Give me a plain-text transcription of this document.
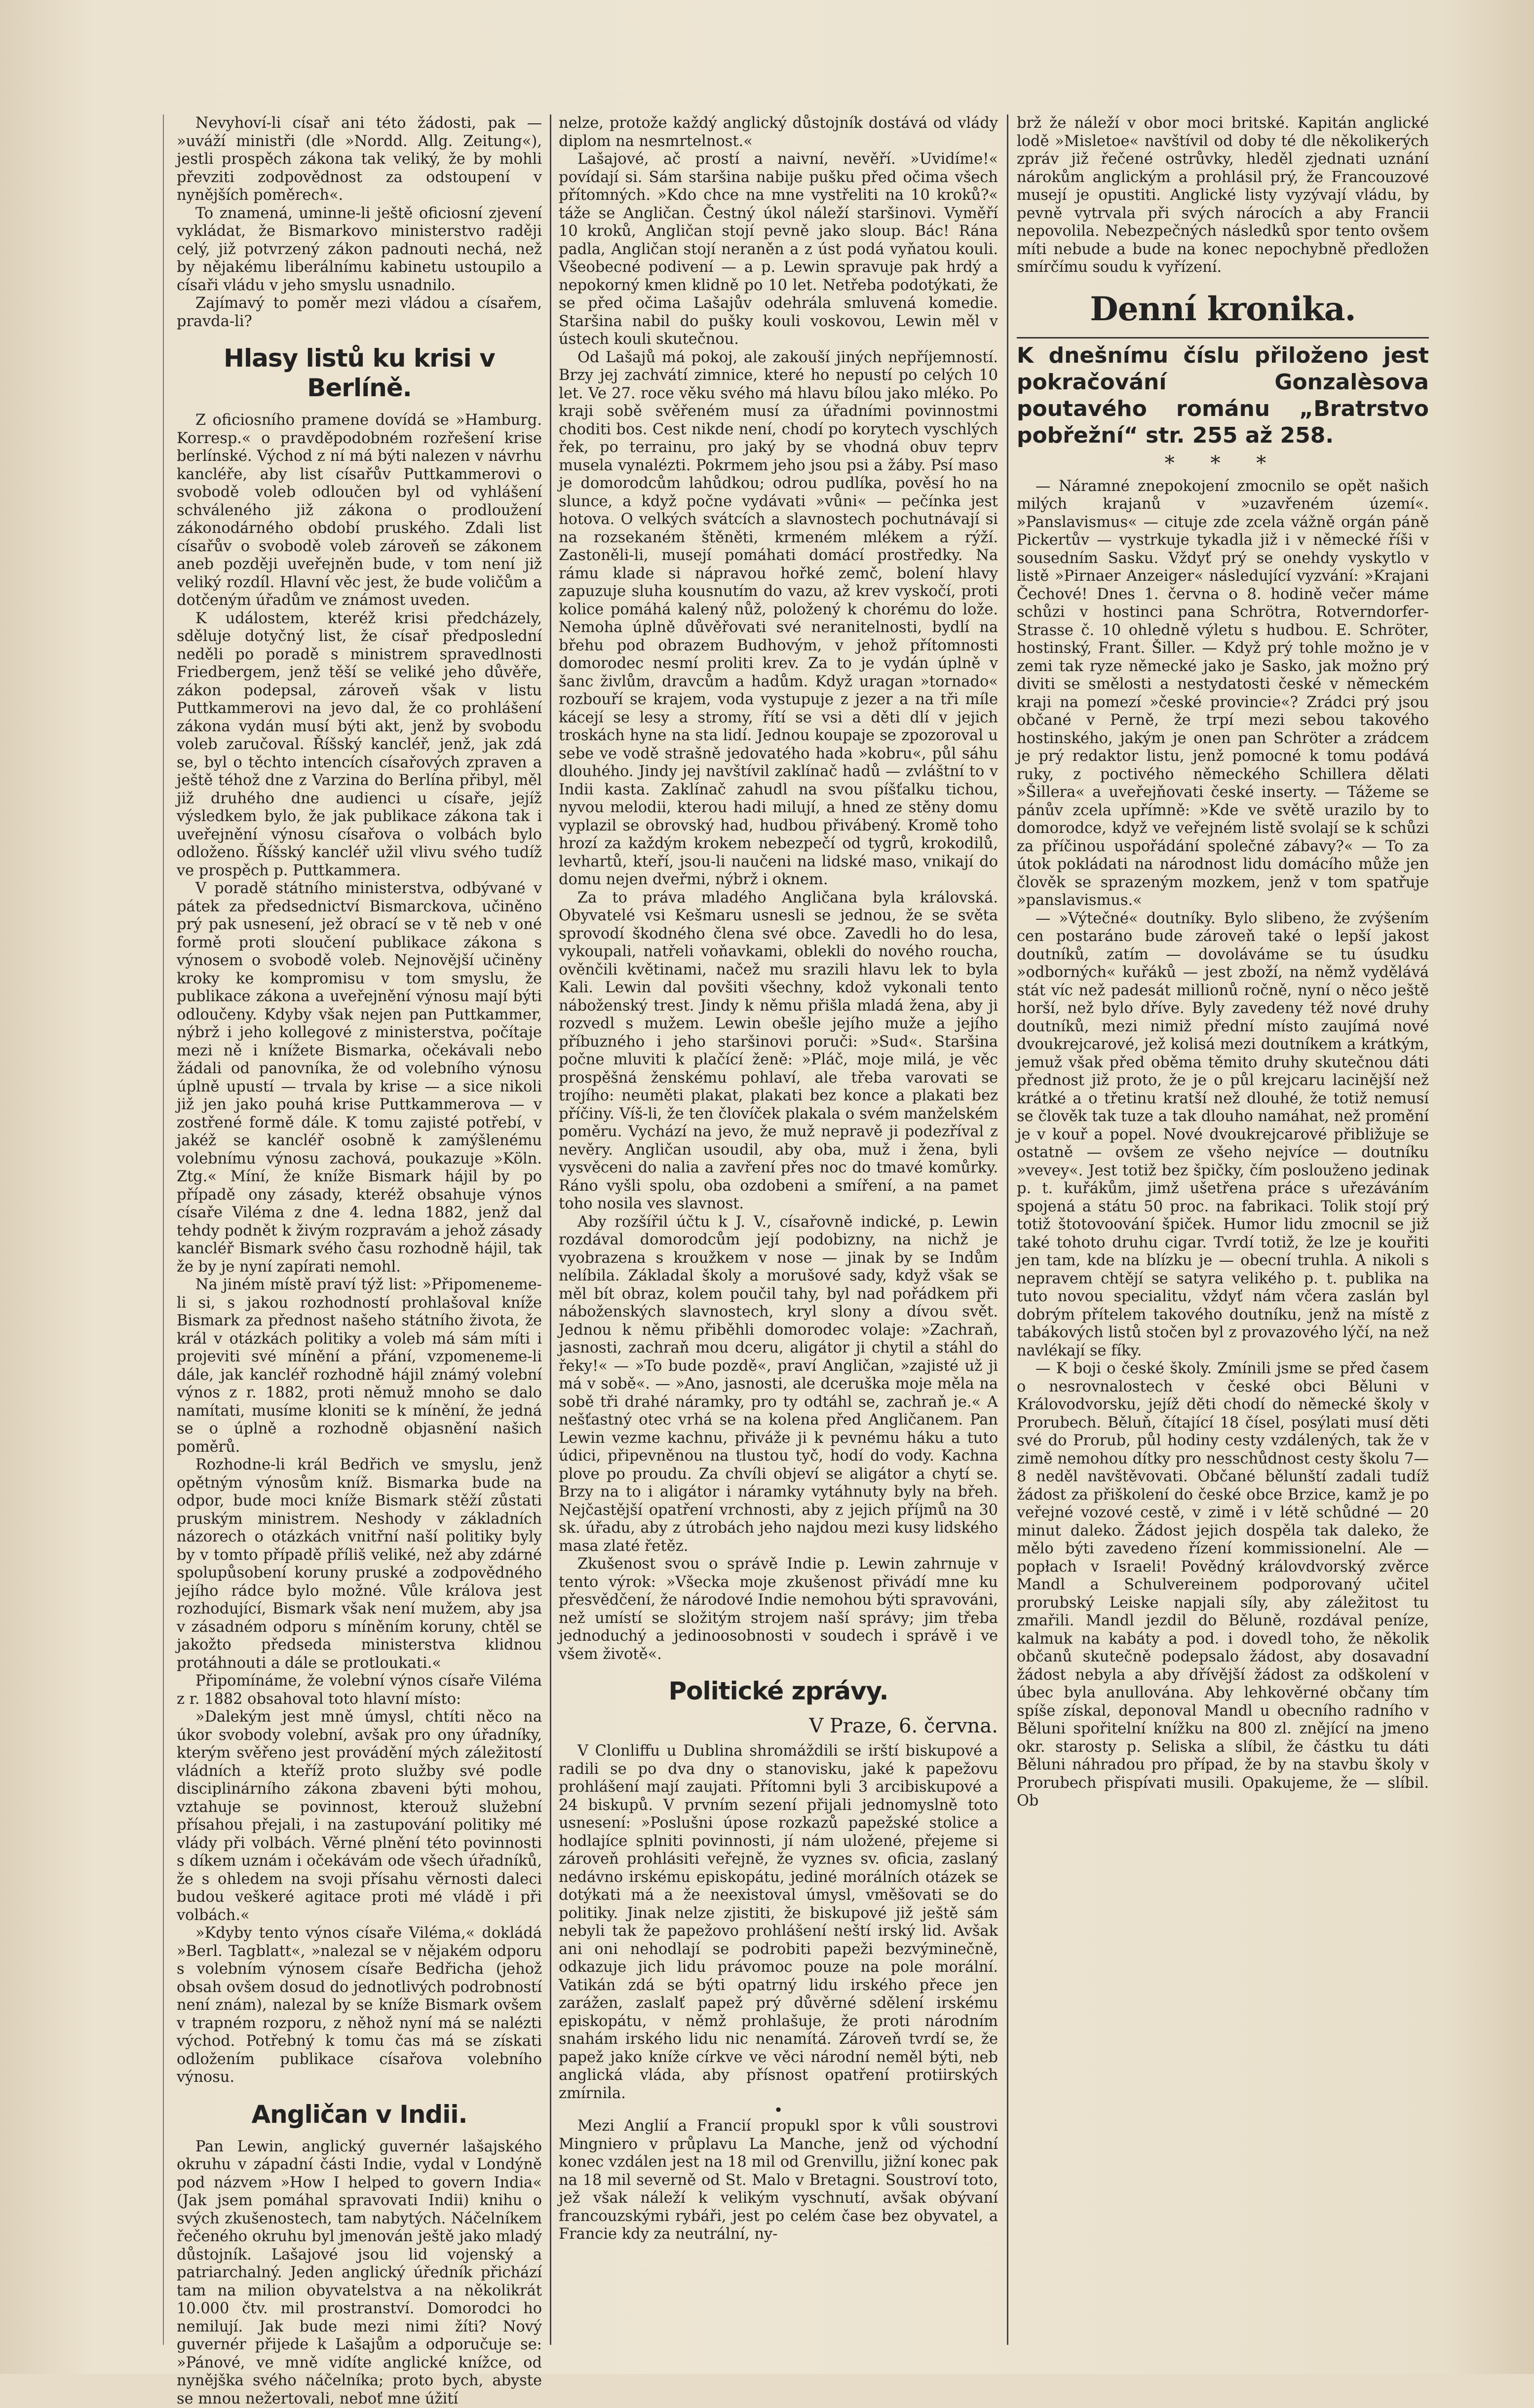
Nevyhoví-li císař ani této žádosti, pak — »uváží ministři (dle »Nordd. Allg. Zeitung«), jestli prospěch zákona tak veliký, že by mohli převziti zodpovědnost za odstoupení v nynějších poměrech«.

To znamená, uminne-li ještě oficiosní zjevení vykládat, že Bismarkovo ministerstvo raději celý, již potvrzený zákon padnouti nechá, než by nějakému liberálnímu kabinetu ustoupilo a císaři vládu v jeho smyslu usnadnilo.

Zajímavý to poměr mezi vládou a císařem, pravda-li?

Hlasy listů ku krisi v Berlíně.

Z oficiosního pramene dovídá se »Hamburg. Korresp.« o pravděpodobném rozřešení krise berlínské. Východ z ní má býti nalezen v návrhu kancléře, aby list císařův Puttkammerovi o svobodě voleb odloučen byl od vyhlášení schváleného již zákona o prodloužení zákonodárného období pruského. Zdali list císařův o svobodě voleb zároveň se zákonem aneb později uveřejněn bude, v tom není již veliký rozdíl. Hlavní věc jest, že bude voličům a dotčeným úřadům ve známost uveden.

K událostem, kteréž krisi předcházely, sděluje dotyčný list, že císař předposlední neděli po poradě s ministrem spravedlnosti Friedbergem, jenž těší se veliké jeho důvěře, zákon podepsal, zároveň však v listu Puttkammerovi na jevo dal, že co prohlášení zákona vydán musí býti akt, jenž by svobodu voleb zaručoval. Říšský kancléř, jenž, jak zdá se, byl o těchto intencích císařových zpraven a ještě téhož dne z Varzina do Berlína přibyl, měl již druhého dne audienci u císaře, jejíž výsledkem bylo, že jak publikace zákona tak i uveřejnění výnosu císařova o volbách bylo odloženo. Říšský kancléř užil vlivu svého tudíž ve prospěch p. Puttkammera.

V poradě státního ministerstva, odbývané v pátek za předsednictví Bismarckova, učiněno prý pak usnesení, jež obrací se v tě neb v oné formě proti sloučení publikace zákona s výnosem o svobodě voleb. Nejnovější učiněny kroky ke kompromisu v tom smyslu, že publikace zákona a uveřejnění výnosu mají býti odloučeny. Kdyby však nejen pan Puttkammer, nýbrž i jeho kollegové z ministerstva, počítaje mezi ně i knížete Bismarka, očekávali nebo žádali od panovníka, že od volebního výnosu úplně upustí — trvala by krise — a sice nikoli již jen jako pouhá krise Puttkammerova — v zostřené formě dále. K tomu zajisté potřebí, v jakéž se kancléř osobně k zamýšlenému volebnímu výnosu zachová, poukazuje »Köln. Ztg.« Míní, že kníže Bismark hájil by po případě ony zásady, kteréž obsahuje výnos císaře Viléma z dne 4. ledna 1882, jenž dal tehdy podnět k živým rozpravám a jehož zásady kancléř Bismark svého času rozhodně hájil, tak že by je nyní zapírati nemohl.

Na jiném místě praví týž list: »Připomeneme-li si, s jakou rozhodností prohlašoval kníže Bismark za přednost našeho státního života, že král v otázkách politiky a voleb má sám míti i projeviti své mínění a přání, vzpomeneme-li dále, jak kancléř rozhodně hájil známý volební výnos z r. 1882, proti němuž mnoho se dalo namítati, musíme kloniti se k mínění, že jedná se o úplně a rozhodně objasnění našich poměrů.

Rozhodne-li král Bedřich ve smyslu, jenž opětným výnosům kníž. Bismarka bude na odpor, bude moci kníže Bismark stěží zůstati pruským ministrem. Neshody v základních názorech o otázkách vnitřní naší politiky byly by v tomto případě příliš veliké, než aby zdárné spolupůsobení koruny pruské a zodpovědného jejího rádce bylo možné. Vůle králova jest rozhodující, Bismark však není mužem, aby jsa v zásadném odporu s míněním koruny, chtěl se jakožto předseda ministerstva klidnou protáhnouti a dále se protloukati.«

Připomínáme, že volební výnos císaře Viléma z r. 1882 obsahoval toto hlavní místo:

»Dalekým jest mně úmysl, chtíti něco na úkor svobody volební, avšak pro ony úřadníky, kterým svěřeno jest provádění mých záležitostí vládních a kteříž proto služby své podle disciplinárního zákona zbaveni býti mohou, vztahuje se povinnost, kterouž služební přísahou přejali, i na zastupování politiky mé vlády při volbách. Věrné plnění této povinnosti s díkem uznám i očekávám ode všech úřadníků, že s ohledem na svoji přísahu věrnosti daleci budou veškeré agitace proti mé vládě i při volbách.«

»Kdyby tento výnos císaře Viléma,« dokládá »Berl. Tagblatt«, »nalezal se v nějakém odporu s volebním výnosem císaře Bedřicha (jehož obsah ovšem dosud do jednotlivých podrobností není znám), nalezal by se kníže Bismark ovšem v trapném rozporu, z něhož nyní má se nalézti východ. Potřebný k tomu čas má se získati odložením publikace císařova volebního výnosu.

Angličan v Indii.

Pan Lewin, anglický guvernér lašajského okruhu v západní části Indie, vydal v Londýně pod názvem »How I helped to govern India« (Jak jsem pomáhal spravovati Indii) knihu o svých zkušenostech, tam nabytých. Náčelníkem řečeného okruhu byl jmenován ještě jako mladý důstojník. Lašajové jsou lid vojenský a patriarchalný. Jeden anglický úředník přichází tam na milion obyvatelstva a na několikrát 10.000 čtv. mil prostranství. Domorodci ho nemilují. Jak bude mezi nimi žíti? Nový guvernér přijede k Lašajům a odporučuje se: »Pánové, ve mně vidíte anglické knížce, od nynějška svého náčelníka; proto bych, abyste se mnou nežertovali, neboť mne úžití

nelze, protože každý anglický důstojník dostává od vlády diplom na nesmrtelnost.«

Lašajové, ač prostí a naivní, nevěří. »Uvidíme!« povídají si. Sám staršina nabije pušku před očima všech přítomných. »Kdo chce na mne vystřeliti na 10 kroků?« táže se Angličan. Čestný úkol náleží staršinovi. Vyměří 10 kroků, Angličan stojí pevně jako sloup. Bác! Rána padla, Angličan stojí neraněn a z úst podá vyňatou kouli. Všeobecné podivení — a p. Lewin spravuje pak hrdý a nepokorný kmen klidně po 10 let. Netřeba podotýkati, že se před očima Lašajův odehrála smluvená komedie. Staršina nabil do pušky kouli voskovou, Lewin měl v ústech kouli skutečnou.

Od Lašajů má pokoj, ale zakouší jiných nepříjemností. Brzy jej zachvátí zimnice, které ho nepustí po celých 10 let. Ve 27. roce věku svého má hlavu bílou jako mléko. Po kraji sobě svěřeném musí za úřadními povinnostmi choditi bos. Cest nikde není, chodí po korytech vyschlých řek, po terrainu, pro jaký by se vhodná obuv teprv musela vynalézti. Pokrmem jeho jsou psi a žáby. Psí maso je domorodcům lahůdkou; odrou pudlíka, pověsí ho na slunce, a když počne vydávati »vůni« — pečínka jest hotova. O velkých svátcích a slavnostech pochutnávají si na rozsekaném štěněti, krmeném mlékem a rýží. Zastoněli-li, musejí pomáhati domácí prostředky. Na rámu klade si nápravou hořké zemč, bolení hlavy zapuzuje sluha kousnutím do vazu, až krev vyskočí, proti kolice pomáhá kalený nůž, položený k chorému do lože. Nemoha úplně důvěřovati své neranitelnosti, bydlí na břehu pod obrazem Budhovým, v jehož přítomnosti domorodec nesmí proliti krev. Za to je vydán úplně v šanc živlům, dravcům a hadům. Když uragan »tornado« rozbouří se krajem, voda vystupuje z jezer a na tři míle kácejí se lesy a stromy, řítí se vsi a děti dlí v jejich troskách hyne na sta lidí. Jednou koupaje se zpozoroval u sebe ve vodě strašně jedovatého hada »kobru«, půl sáhu dlouhého. Jindy jej navštívil zaklínač hadů — zvláštní to v Indii kasta. Zaklínač zahudl na svou píšťalku tichou, nyvou melodii, kterou hadi milují, a hned ze stěny domu vyplazil se obrovský had, hudbou přivábený. Kromě toho hrozí za každým krokem nebezpečí od tygrů, krokodilů, levhartů, kteří, jsou-li naučeni na lidské maso, vnikají do domu nejen dveřmi, nýbrž i oknem.

Za to práva mladého Angličana byla královská. Obyvatelé vsi Kešmaru usnesli se jednou, že se světa sprovodí škodného člena své obce. Zavedli ho do lesa, vykoupali, natřeli voňavkami, oblekli do nového roucha, ověnčili květinami, načež mu srazili hlavu lek to byla Kali. Lewin dal povšiti všechny, kdož vykonali tento náboženský trest. Jindy k němu přišla mladá žena, aby ji rozvedl s mužem. Lewin obešle jejího muže a jejího příbuzného i jeho staršinovi poruči: »Sud«. Staršina počne mluviti k plačící ženě: »Pláč, moje milá, je věc prospěšná ženskému pohlaví, ale třeba varovati se trojího: neuměti plakat, plakati bez konce a plakati bez příčiny. Víš-li, že ten človíček plakala o svém manželském poměru. Vychází na jevo, že muž nepravě ji podezříval z nevěry. Angličan usoudil, aby oba, muž i žena, byli vysvěceni do nalia a zavření přes noc do tmavé komůrky. Ráno vyšli spolu, oba ozdobeni a smíření, a na pamet toho nosila ves slavnost.

Aby rozšířil účtu k J. V., císařovně indické, p. Lewin rozdával domorodcům její podobizny, na nichž je vyobrazena s kroužkem v nose — jinak by se Indům nelíbila. Základal školy a morušové sady, když však se měl bít obraz, kolem poučil tahy, byl nad pořádkem při náboženských slavnostech, kryl slony a dívou svět. Jednou k němu přiběhli domorodec volaje: »Zachraň, jasnosti, zachraň mou dceru, aligátor ji chytil a stáhl do řeky!« — »To bude pozdě«, praví Angličan, »zajisté už ji má v sobě«. — »Ano, jasnosti, ale dceruška moje měla na sobě tři drahé náramky, pro ty odtáhl se, zachraň je.« A nešťastný otec vrhá se na kolena před Angličanem. Pan Lewin vezme kachnu, přiváže ji k pevnému háku a tuto údici, připevněnou na tlustou tyč, hodí do vody. Kachna plove po proudu. Za chvíli objeví se aligátor a chytí se. Brzy na to i aligátor i náramky vytáhnuty byly na břeh. Nejčastější opatření vrchnosti, aby z jejich příjmů na 30 sk. úřadu, aby z útrobách jeho najdou mezi kusy lidského masa zlaté řetěz.

Zkušenost svou o správě Indie p. Lewin zahrnuje v tento výrok: »Všecka moje zkušenost přivádí mne ku přesvědčení, že národové Indie nemohou býti spravováni, než umístí se složitým strojem naší správy; jim třeba jednoduchý a jedinoosobnosti v soudech i správě i ve všem životě«.

Politické zprávy.
V Praze, 6. června.

V Clonliffu u Dublina shromáždili se irští biskupové a radili se po dva dny o stanovisku, jaké k papežovu prohlášení mají zaujati. Přítomni byli 3 arcibiskupové a 24 biskupů. V prvním sezení přijali jednomyslně toto usnesení: »Poslušni úpose rozkazů papežské stolice a hodlajíce splniti povinnosti, jí nám uložené, přejeme si zároveň prohlásiti veřejně, že vyznes sv. oficia, zaslaný nedávno irskému episkopátu, jediné morálních otázek se dotýkati má a že neexistoval úmysl, vměšovati se do politiky. Jinak nelze zjistiti, že biskupové již ještě sám nebyli tak že papežovo prohlášení neští irský lid. Avšak ani oni nehodlají se podrobiti papeži bezvýminečně, odkazuje jich lidu právomoc pouze na pole morální. Vatikán zdá se býti opatrný lidu irského přece jen zarážen, zaslalť papež prý důvěrné sdělení irskému episkopátu, v němž prohlašuje, že proti národním snahám irského lidu nic nenamítá. Zároveň tvrdí se, že papež jako kníže církve ve věci národní neměl býti, neb anglická vláda, aby přísnost opatření protiirských zmírnila.

•

Mezi Anglií a Francií propukl spor k vůli soustrovi Mingniero v průplavu La Manche, jenž od východní konec vzdálen jest na 18 mil od Grenvillu, jižní konec pak na 18 mil severně od St. Malo v Bretagni. Soustroví toto, jež však náleží k velikým vyschnutí, avšak obývaní francouzskými rybáři, jest po celém čase bez obyvatel, a Francie kdy za neutrální, ny-

brž že náleží v obor moci britské. Kapitán anglické lodě »Misletoe« navštívil od doby té dle několikerých zpráv již řečené ostrůvky, hleděl zjednati uznání nárokům anglickým a prohlásil prý, že Francouzové musejí je opustiti. Anglické listy vyzývají vládu, by pevně vytrvala při svých nárocích a aby Francii nepovolila. Nebezpečných následků spor tento ovšem míti nebude a bude na konec nepochybně předložen smírčímu soudu k vyřízení.

Denní kronika.

K dnešnímu číslu přiloženo jest pokračování Gonzalèsova poutavého románu „Bratrstvo pobřežní“ str. 255 až 258.

* * *

— Náramné znepokojení zmocnilo se opět našich milých krajanů v »uzavřeném území«. »Panslavismus« — cituje zde zcela vážně orgán páně Pickertův — vystrkuje tykadla již i v německé říši v sousedním Sasku. Vždyť prý se onehdy vyskytlo v listě »Pirnaer Anzeiger« následující vyzvání: »Krajani Čechové! Dnes 1. června o 8. hodině večer máme schůzi v hostinci pana Schrötra, Rotverndorfer-Strasse č. 10 ohledně výletu s hudbou. E. Schröter, hostinský, Frant. Šiller. — Když prý tohle možno je v zemi tak ryze německé jako je Sasko, jak možno prý diviti se smělosti a nestydatosti české v německém kraji na pomezí »české provincie«? Zrádci prý jsou občané v Perně, že trpí mezi sebou takového hostinského, jakým je onen pan Schröter a zrádcem je prý redaktor listu, jenž pomocné k tomu podává ruky, z poctivého německého Schillera dělati »Šillera« a uveřejňovati české inserty. — Tážeme se pánův zcela upřímně: »Kde ve světě urazilo by to domorodce, když ve veřejném listě svolají se k schůzi za příčinou uspořádání společné zábavy?« — To za útok pokládati na národnost lidu domácího může jen člověk se sprazeným mozkem, jenž v tom spatřuje »panslavismus.«

— »Výtečné« doutníky. Bylo slibeno, že zvýšením cen postaráno bude zároveň také o lepší jakost doutníků, zatím — dovoláváme se tu úsudku »odborných« kuřáků — jest zboží, na němž vydělává stát víc než padesát millionů ročně, nyní o něco ještě horší, než bylo dříve. Byly zavedeny též nové druhy doutníků, mezi nimiž přední místo zaujímá nové dvoukrejcarové, jež kolisá mezi doutníkem a krátkým, jemuž však před oběma těmito druhy skutečnou dáti přednost již proto, že je o půl krejcaru lacinější než krátké a o třetinu kratší než dlouhé, že totiž nemusí se člověk tak tuze a tak dlouho namáhat, než promění je v kouř a popel. Nové dvoukrejcarové přibližuje se ostatně — ovšem ze všeho nejvíce — doutníku »vevey«. Jest totiž bez špičky, čím poslouženo jedinak p. t. kuřákům, jimž ušetřena práce s uřezáváním spojená a státu 50 proc. na fabrikaci. Tolik stojí prý totiž štotovoování špiček. Humor lidu zmocnil se již také tohoto druhu cigar. Tvrdí totiž, že lze je kouřiti jen tam, kde na blízku je — obecní truhla. A nikoli s nepravem chtějí se satyra velikého p. t. publika na tuto novou specialitu, vždyť nám včera zaslán byl dobrým přítelem takového doutníku, jenž na místě z tabákových listů stočen byl z provazového lýčí, na než navlékají se fíky.

— K boji o české školy. Zmínili jsme se před časem o nesrovnalostech v české obci Běluni v Královodvorsku, jejíž děti chodí do německé školy v Prorubech. Běluň, čítající 18 čísel, posýlati musí děti své do Prorub, půl hodiny cesty vzdálených, tak že v zimě nemohou dítky pro nesschůdnost cesty školu 7—8 neděl navštěvovati. Občané bělunští zadali tudíž žádost za přiškolení do české obce Brzice, kamž je po veřejné vozové cestě, v zimě i v létě schůdné — 20 minut daleko. Žádost jejich dospěla tak daleko, že mělo býti zavedeno řízení kommissionelní. Ale — popłach v Israeli! Povědný královdvorský zvěrce Mandl a Schulvereinem podporovaný učitel prorubský Leiske napjali síly, aby záležitost tu zmařili. Mandl jezdil do Běluně, rozdával peníze, kalmuk na kabáty a pod. i dovedl toho, že několik občanů skutečně podepsalo žádost, aby dosavadní žádost nebyla a aby dřívější žádost za odškolení v úbec byla anullována. Aby lehkověrné občany tím spíše získal, deponoval Mandl u obecního radního v Běluni spořitelní knížku na 800 zl. znějící na jmeno okr. starosty p. Seliska a slíbil, že částku tu dáti Běluni náhradou pro případ, že by na stavbu školy v Prorubech přispívati musili. Opakujeme, že — slíbil. Ob
